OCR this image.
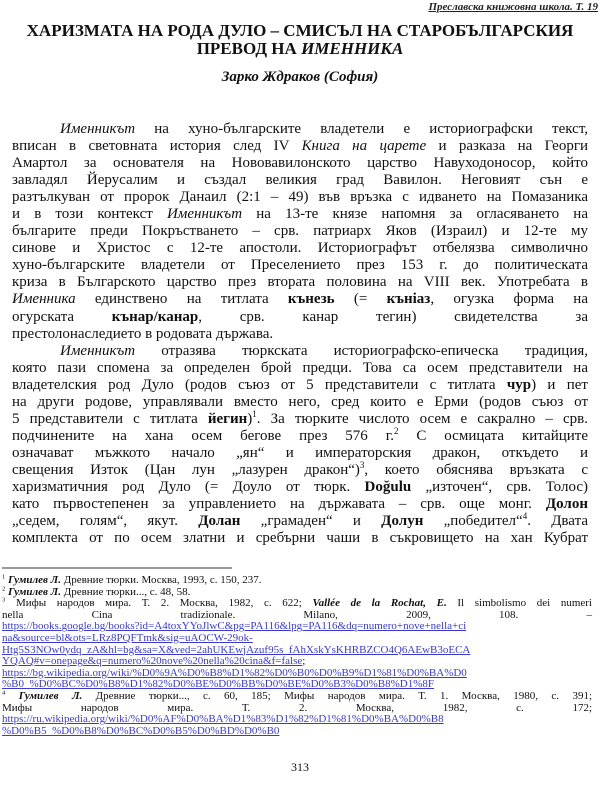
Преславска книжовна школа. Т. 19
ХАРИЗМАТА НА РОДА ДУЛО – СМИСЪЛ НА СТАРОБЪЛГАРСКИЯ
ПРЕВОД НА ИМЕННИКА
Зарко Ждраков (София)
Именникът на хуно-българските владетели е историографски текст,
вписан в световната история след IV Книга на царете и разказа на Георги
Амартол за основателя на Нововавилонското царство Навуходоносор, който
завладял Йерусалим и създал великия град Вавилон. Неговият сън е
разтълкуван от пророк Данаил (2:1 – 49) във връзка с идването на Помазаника
и в този контекст Именникът на 13-те князе напомня за огласяването на
българите преди Покръстването – срв. патриарх Яков (Израил) и 12-те му
синове и Христос с 12-те апостоли. Историографът отбелязва символично
хуно-българските владетели от Преселението през 153 г. до политическата
криза в Българското царство през втората половина на VIII век. Употребата в
Именника единствено на титлата кънезь (= кънiaз, огузка форма на
огурската кънар/канар, срв. канар тегин) свидетелства за
престолонаследието в родовата държава.
Именникът отразява тюркската историографско-епическа традиция,
която пази спомена за определен брой предци. Това са осем представители на
владетелския род Дуло (родов съюз от 5 представители с титлата чур) и пет
на други родове, управлявали вместо него, сред които е Ерми (родов съюз от
5 представители с титлата йегин)$^1$. За тюрките числото осем е сакрално – срв.
подчинените на хана осем бегове през 576 г.$^2$ С осмицата китайците
означават мъжкото начало „ян“ и императорския дракон, откъдето и
свещения Изток (Цан лун „лазурен дракон“)$^3$, което обяснява връзката с
харизматичния род Дуло (= Доуло от тюрк. Doğulu „източен“, срв. Толос)
като първостепенен за управлението на държавата – срв. още монг. Долон
„седем, голям“, якут. Долан „грамаден“ и Долун „победител“$^4$. Двата
комплекта от по осем златни и сребърни чаши в съкровището на хан Кубрат
$^1$ Гумилев Л. Древние тюрки. Москва, 1993, с. 150, 237.
$^2$ Гумилев Л. Древние тюрки..., с. 48, 58.
$^3$ Мифы народов мира. Т. 2. Москва, 1982, с. 622; Vallée de la Rochat, E. Il simbolismo dei numeri
nella Cina tradizionale. Milano, 2009, 108. –
https://books.google.bg/books?id=A4toxYYoJlwC&pg=PA116&lpg=PA116&dq=numero+nove+nella+ci
na&source=bl&ots=LRz8PQFTmk&sig=uAOCW-29ok-
Htg5S3NOw0ydq_zA&hl=bg&sa=X&ved=2ahUKEwjAzuf95s_fAhXskYsKHRBZCO4Q6AEwB3oECA
YQAQ#v=onepage&q=numero%20nove%20nella%20cina&f=false;
https://bg.wikipedia.org/wiki/%D0%9A%D0%B8%D1%82%D0%B0%D0%B9%D1%81%D0%BA%D0
%B0_%D0%BC%D0%B8%D1%82%D0%BE%D0%BB%D0%BE%D0%B3%D0%B8%D1%8F
$^4$ Гумилев Л. Древние тюрки..., с. 60, 185; Мифы народов мира. Т. 1. Москва, 1980, с. 391;
Мифы народов мира. Т. 2. Москва, 1982, с. 172;
https://ru.wikipedia.org/wiki/%D0%AF%D0%BA%D1%83%D1%82%D1%81%D0%BA%D0%B8
%D0%B5_%D0%B8%D0%BC%D0%B5%D0%BD%D0%B0
313
